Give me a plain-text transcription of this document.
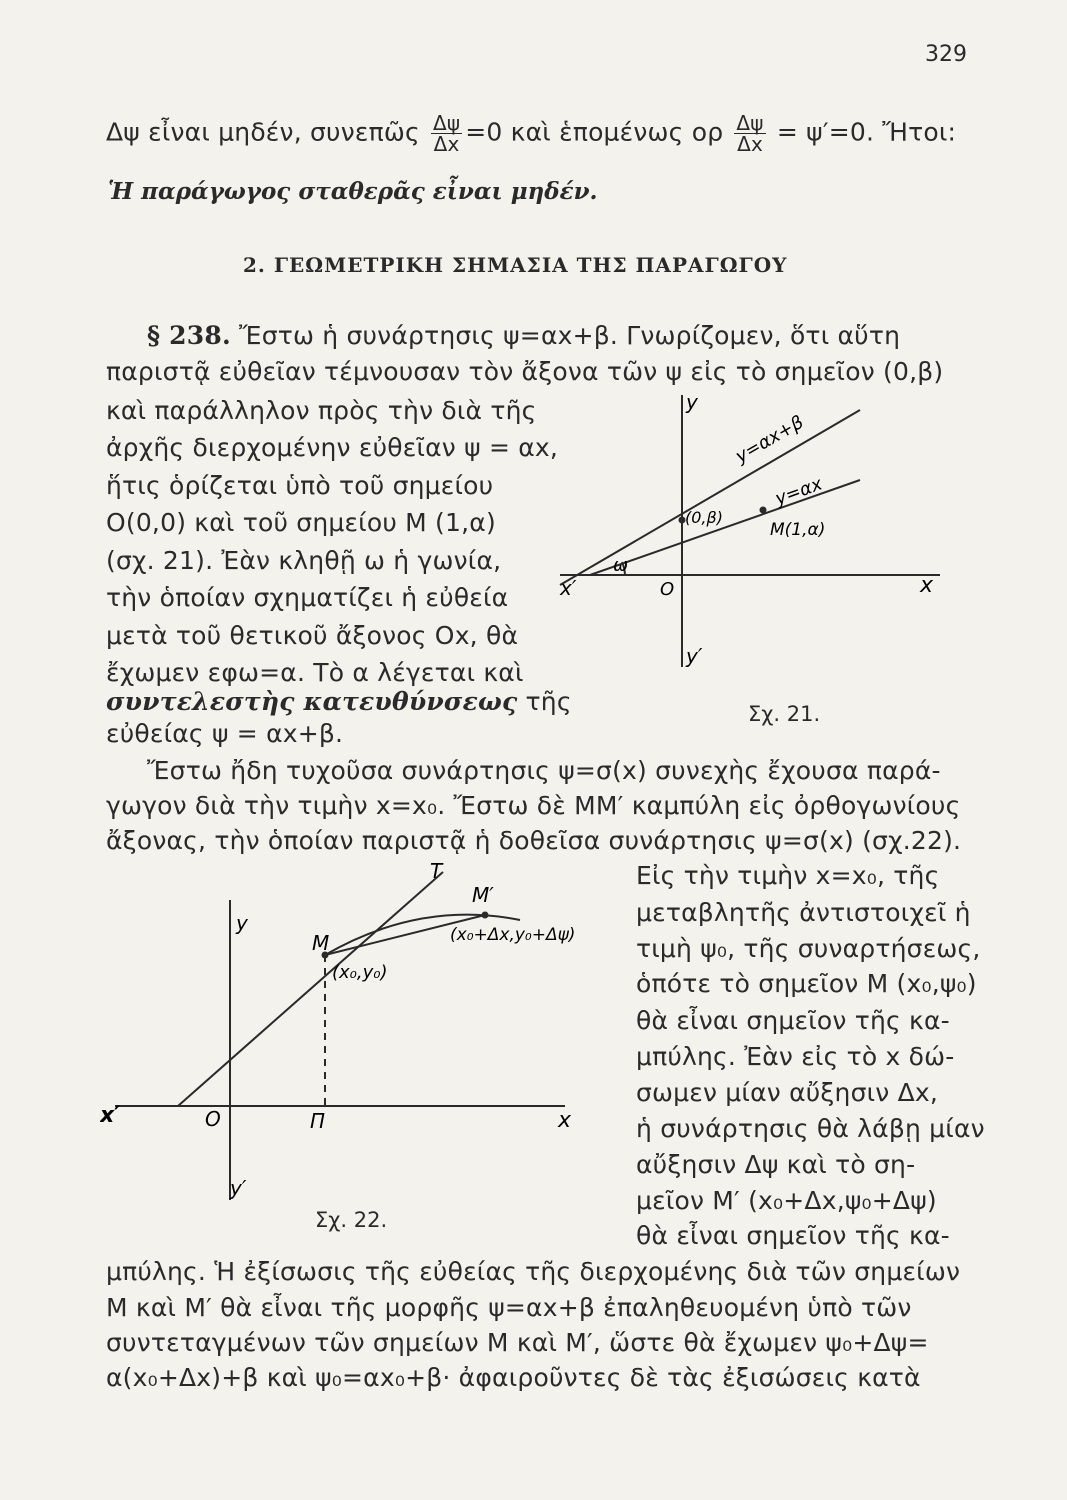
329
Δψ εἶναι μηδέν, συνεπῶς $\frac{\Delta\psi}{\Delta x} =0$ καὶ ἑπομένως ορ $\frac{\Delta\psi}{\Delta x} = \psi'=0$. Ἤτοι:
Ἡ παράγωγος σταθερᾶς εἶναι μηδέν.
2. ΓΕΩΜΕΤΡΙΚΗ ΣΗΜΑΣΙΑ ΤΗΣ ΠΑΡΑΓΩΓΟΥ
§ 238. Ἔστω ἡ συνάρτησις ψ=αx+β. Γνωρίζομεν, ὅτι αὕτη
παριστᾷ εὐθεῖαν τέμνουσαν τὸν ἄξονα τῶν ψ εἰς τὸ σημεῖον (0,β)
καὶ παράλληλον πρὸς τὴν διὰ τῆς
ἀρχῆς διερχομένην εὐθεῖαν ψ = αx,
ἥτις ὁρίζεται ὑπὸ τοῦ σημείου
Ο(0,0) καὶ τοῦ σημείου Μ (1,α)
(σχ. 21). Ἐὰν κληθῇ ω ἡ γωνία,
τὴν ὁποίαν σχηματίζει ἡ εὐθεία
μετὰ τοῦ θετικοῦ ἄξονος Ox, θὰ
ἔχωμεν εφω=α. Τὸ α λέγεται καὶ
συντελεστὴς κατευθύνσεως τῆς
εὐθείας ψ = αx+β.
y
y′
x
x′	O
ω
(0,β)
M(1,α)
y=αx+β
y=αx
Σχ. 21.
Ἔστω ἤδη τυχοῦσα συνάρτησις ψ=σ(x) συνεχὴς ἔχουσα παρά-
γωγον διὰ τὴν τιμὴν x=x₀. Ἔστω δὲ ΜΜ′ καμπύλη εἰς ὀρθογωνίους
ἄξονας, τὴν ὁποίαν παριστᾷ ἡ δοθεῖσα συνάρτησις ψ=σ(x) (σχ.22).
Εἰς τὴν τιμὴν x=x₀, τῆς
μεταβλητῆς ἀντιστοιχεῖ ἡ
τιμὴ ψ₀, τῆς συναρτήσεως,
ὁπότε τὸ σημεῖον Μ (x₀,ψ₀)
θὰ εἶναι σημεῖον τῆς κα-
μπύλης. Ἐὰν εἰς τὸ x δώ-
σωμεν μίαν αὔξησιν Δx,
ἡ συνάρτησις θὰ λάβῃ μίαν
αὔξησιν Δψ καὶ τὸ ση-
μεῖον Μ′ (x₀+Δx,ψ₀+Δψ)
θὰ εἶναι σημεῖον τῆς κα-
y
y′
x
x′	O	Π
T
M
M′
(x₀,y₀)
(x₀+Δx,y₀+Δψ)
Σχ. 22.
μπύλης. Ἡ ἐξίσωσις τῆς εὐθείας τῆς διερχομένης διὰ τῶν σημείων
Μ καὶ Μ′ θὰ εἶναι τῆς μορφῆς ψ=αx+β ἐπαληθευομένη ὑπὸ τῶν
συντεταγμένων τῶν σημείων Μ καὶ Μ′, ὥστε θὰ ἔχωμεν ψ₀+Δψ=
α(x₀+Δx)+β καὶ ψ₀=αx₀+β· ἀφαιροῦντες δὲ τὰς ἐξισώσεις κατὰ
